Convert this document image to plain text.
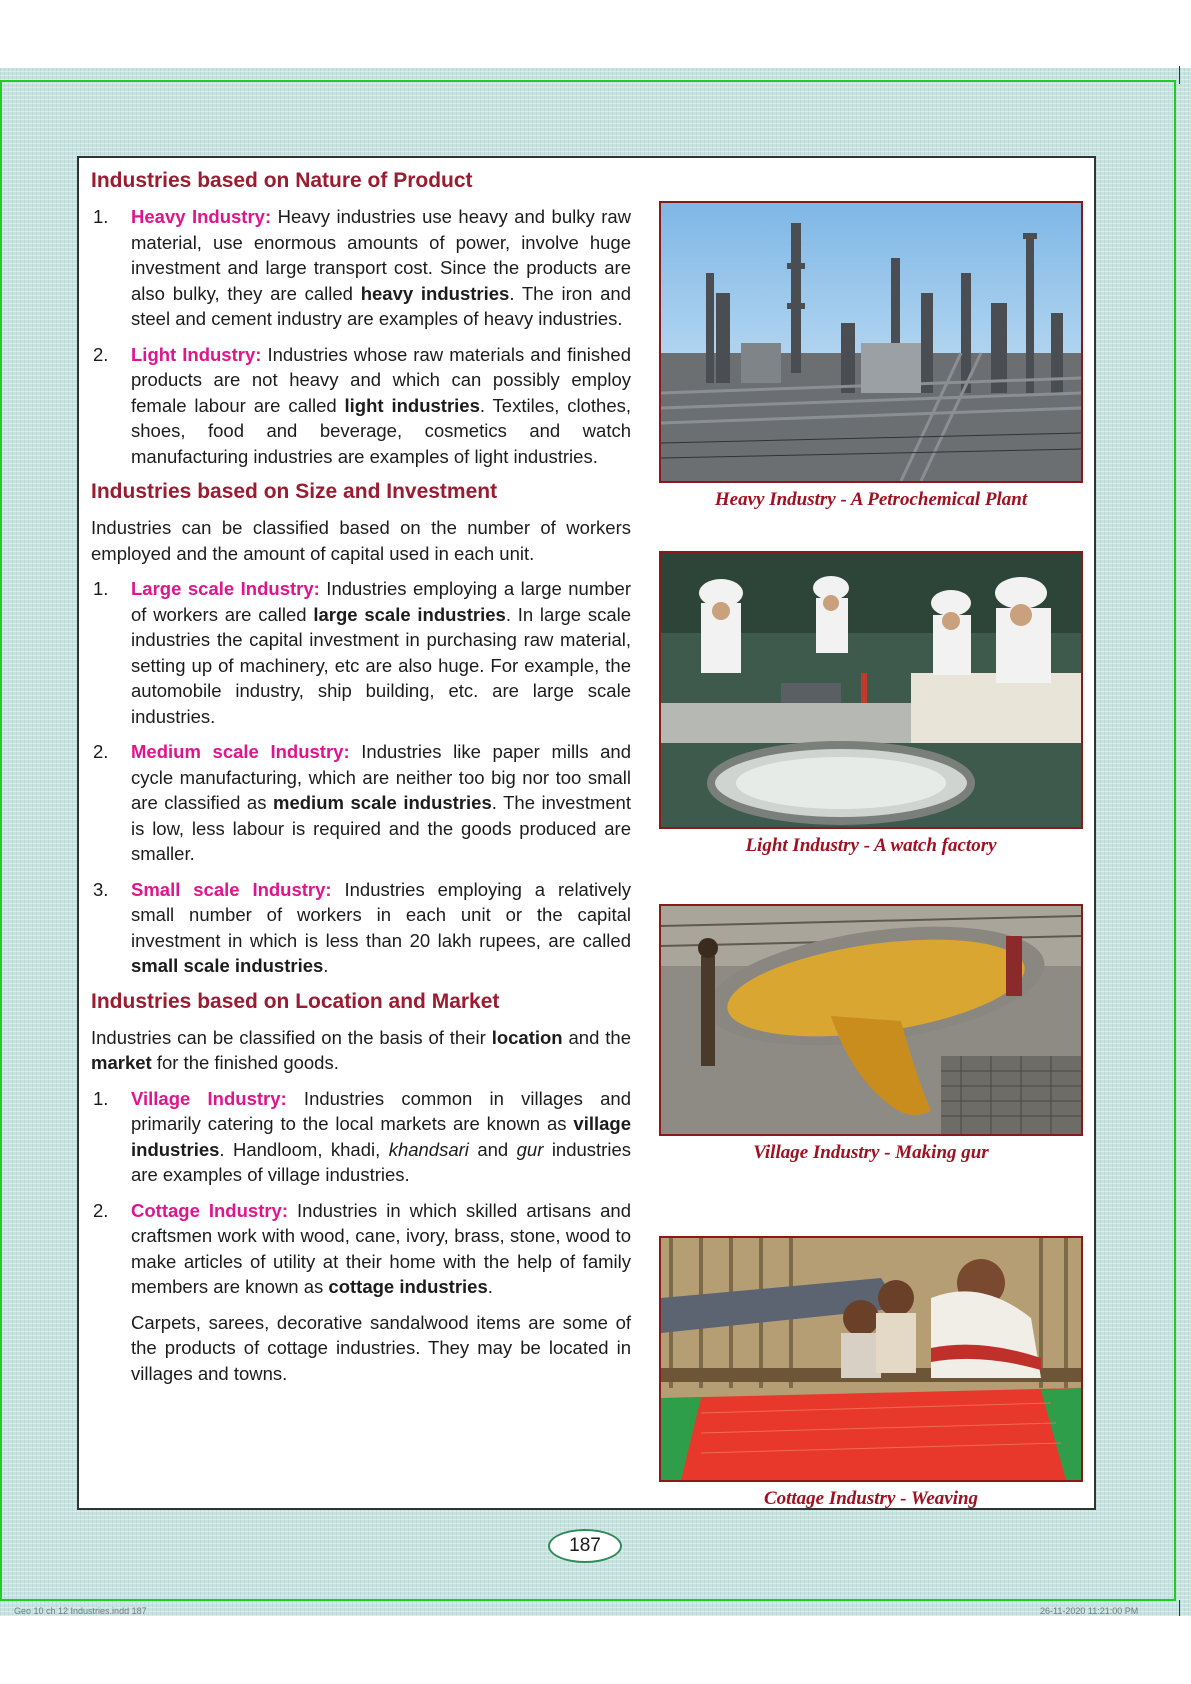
Industries based on Nature of Product
1.	Heavy Industry: Heavy industries use heavy and bulky raw material, use enormous amounts of power, involve huge investment and large transport cost. Since the products are also bulky, they are called heavy industries. The iron and steel and cement industry are examples of heavy industries.

2.	Light Industry: Industries whose raw materials and finished products are not heavy and which can possibly employ female labour are called light industries. Textiles, clothes, shoes, food and beverage, cosmetics and watch manufacturing industries are examples of light industries.

Industries based on Size and Investment

Industries can be classified based on the number of workers employed and the amount of capital used in each unit.

1.	Large scale Industry: Industries employing a large number of workers are called large scale industries. In large scale industries the capital investment in purchasing raw material, setting up of machinery, etc are also huge. For example, the automobile industry, ship building, etc. are large scale industries.

2.	Medium scale Industry: Industries like paper mills and cycle manufacturing, which are neither too big nor too small are classified as medium scale industries. The investment is low, less labour is required and the goods produced are smaller.

3.	Small scale Industry: Industries employing a relatively small number of workers in each unit or the capital investment in which is less than 20 lakh rupees, are called small scale industries.

Industries based on Location and Market

Industries can be classified on the basis of their location and the market for the finished goods.

1.	Village Industry: Industries common in villages and primarily catering to the local markets are known as village industries. Handloom, khadi, khandsari and gur industries are examples of village industries.

2.	Cottage Industry: Industries in which skilled artisans and craftsmen work with wood, cane, ivory, brass, stone, wood to make articles of utility at their home with the help of family members are known as cottage industries.

Carpets, sarees, decorative sandalwood items are some of the products of cottage industries. They may be located in villages and towns.

Heavy Industry - A Petrochemical Plant
Light Industry - A watch factory
Village Industry - Making gur
Cottage Industry - Weaving
187
Geo 10 ch 12 Industries.indd 187	26-11-2020 11:21:00 PM
